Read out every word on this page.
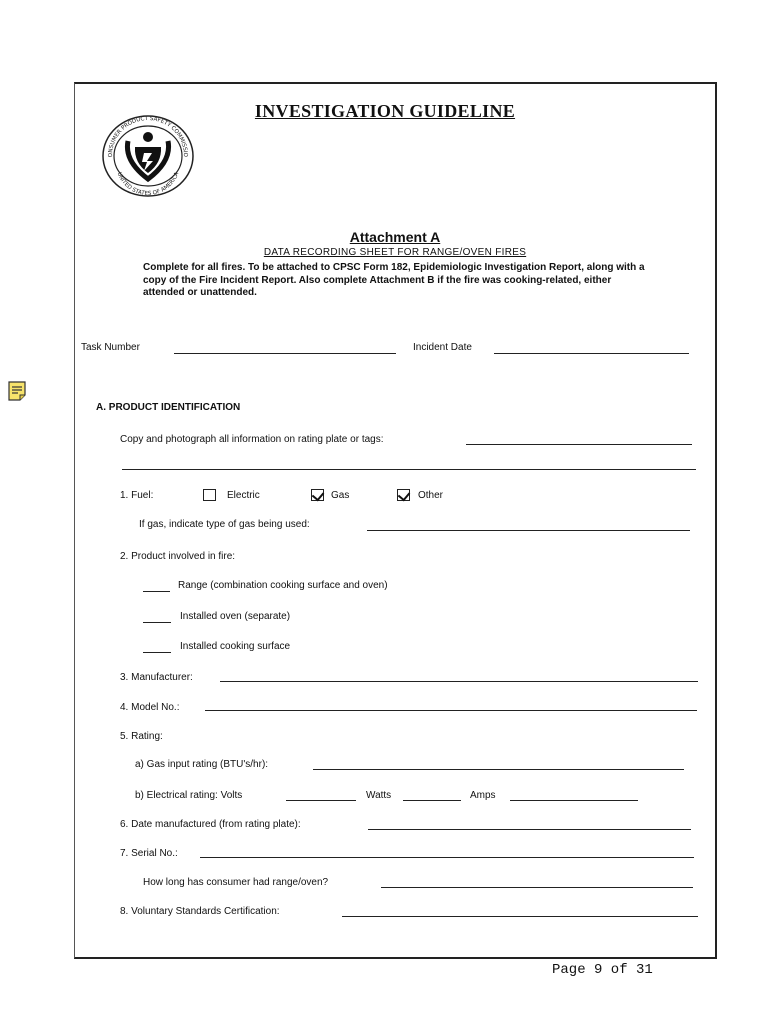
ONSUMER PRODUCT SAFETY COMMISSIO
UNITED STATES OF AMERICA
INVESTIGATION GUIDELINE
Attachment A
DATA RECORDING SHEET FOR RANGE/OVEN FIRES
Complete for all fires. To be attached to CPSC Form 182, Epidemiologic Investigation Report, along with a copy of the Fire Incident Report. Also complete Attachment B if the fire was cooking-related, either attended or unattended.
Task Number	Incident Date
A. PRODUCT IDENTIFICATION
Copy and photograph all information on rating plate or tags:
1. Fuel:	Electric	Gas	Other
If gas, indicate type of gas being used:
2. Product involved in fire:
Range (combination cooking surface and oven)
Installed oven (separate)
Installed cooking surface
3. Manufacturer:
4. Model No.:
5. Rating:
a) Gas input rating (BTU's/hr):
b) Electrical rating: Volts	Watts	Amps
6. Date manufactured (from rating plate):
7. Serial No.:
How long has consumer had range/oven?
8. Voluntary Standards Certification:
Page 9 of 31
